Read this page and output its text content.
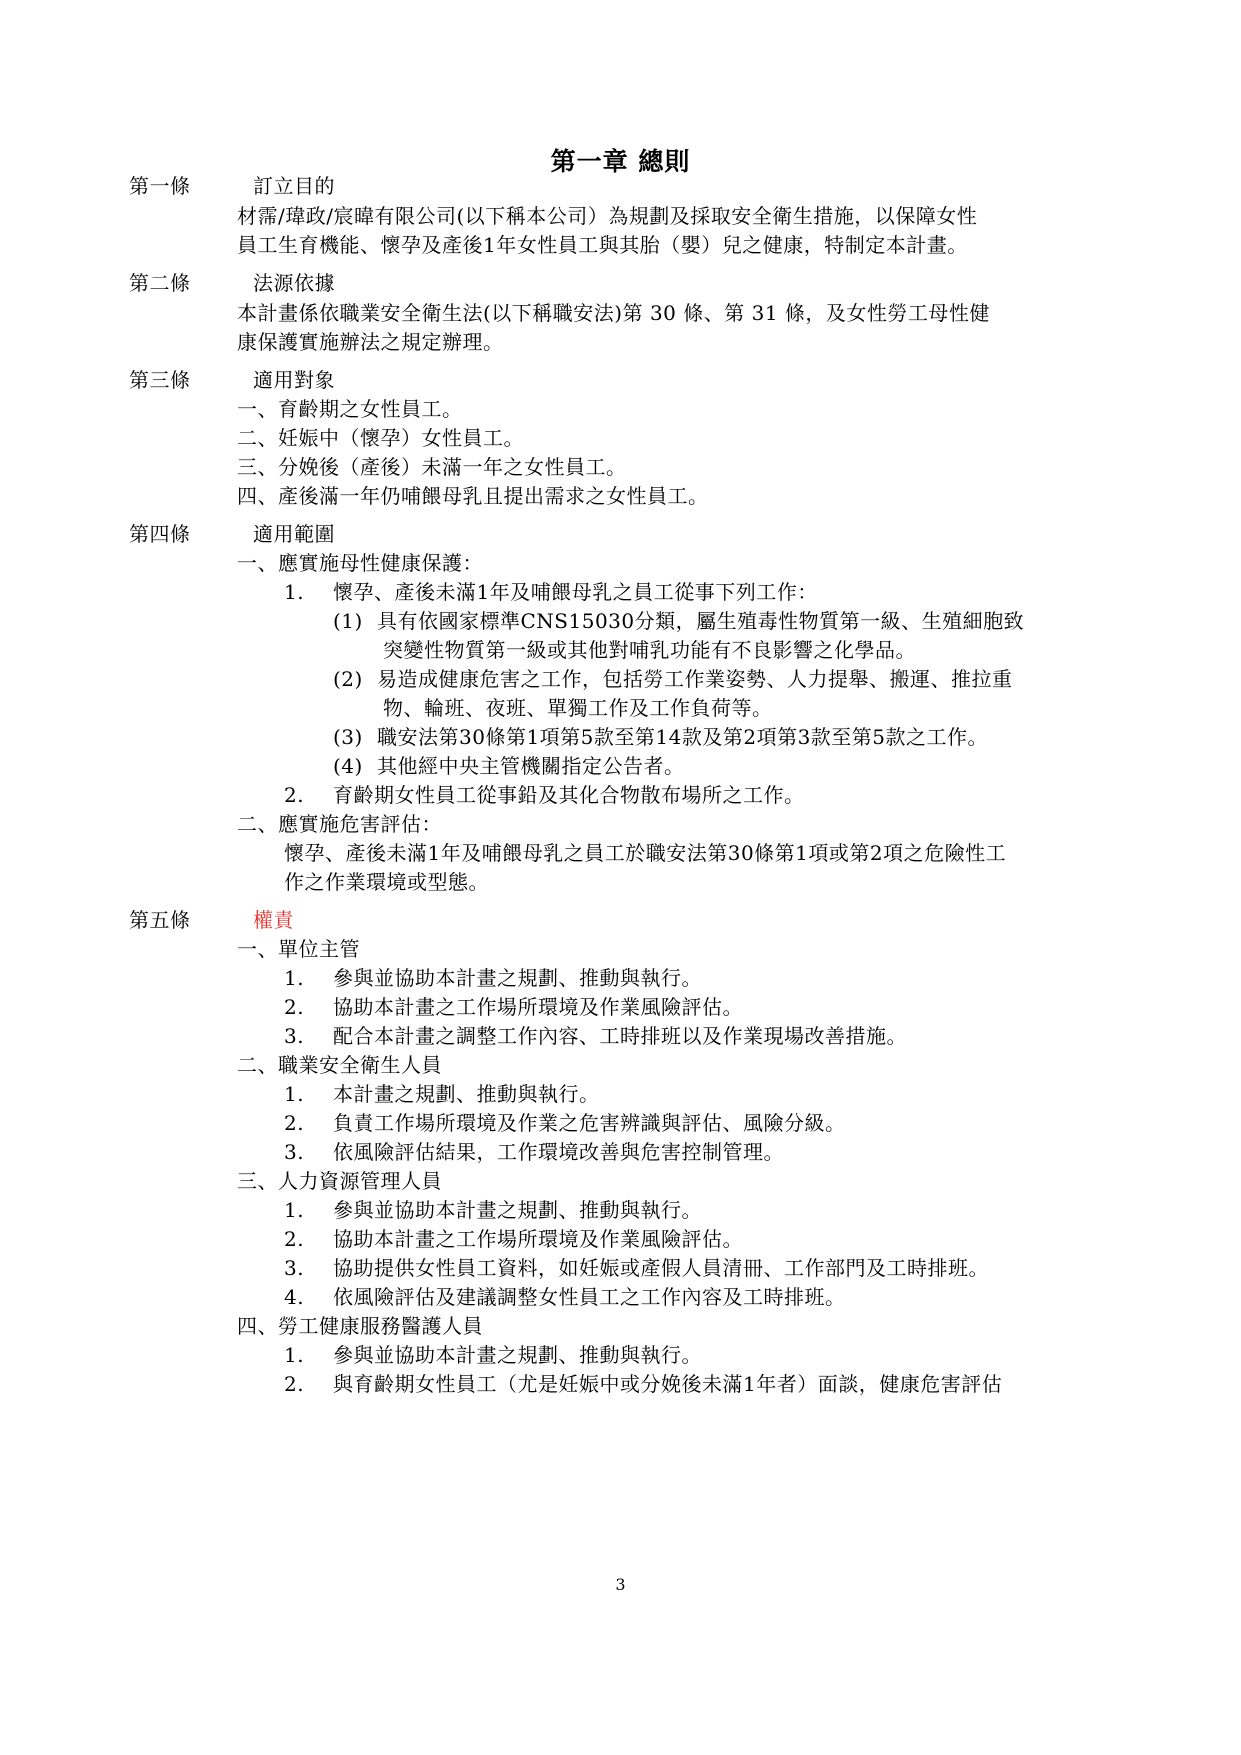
第一章 總則
第一條	訂立目的
材霈/瑋政/宸暐有限公司(以下稱本公司）為規劃及採取安全衛生措施，以保障女性
員工生育機能、懷孕及產後1年女性員工與其胎（嬰）兒之健康，特制定本計畫。
第二條	法源依據
本計畫係依職業安全衛生法(以下稱職安法)第 30 條、第 31 條，及女性勞工母性健
康保護實施辦法之規定辦理。
第三條	適用對象
一、育齡期之女性員工。
二、妊娠中（懷孕）女性員工。
三、分娩後（產後）未滿一年之女性員工。
四、產後滿一年仍哺餵母乳且提出需求之女性員工。
第四條	適用範圍
一、應實施母性健康保護：
1. 懷孕、產後未滿1年及哺餵母乳之員工從事下列工作：
(1) 具有依國家標準CNS15030分類，屬生殖毒性物質第一級、生殖細胞致
突變性物質第一級或其他對哺乳功能有不良影響之化學品。
(2) 易造成健康危害之工作，包括勞工作業姿勢、人力提舉、搬運、推拉重
物、輪班、夜班、單獨工作及工作負荷等。
(3) 職安法第30條第1項第5款至第14款及第2項第3款至第5款之工作。
(4) 其他經中央主管機關指定公告者。
2. 育齡期女性員工從事鉛及其化合物散布場所之工作。
二、應實施危害評估：
懷孕、產後未滿1年及哺餵母乳之員工於職安法第30條第1項或第2項之危險性工
作之作業環境或型態。
第五條	權責
一、單位主管
1. 參與並協助本計畫之規劃、推動與執行。
2. 協助本計畫之工作場所環境及作業風險評估。
3. 配合本計畫之調整工作內容、工時排班以及作業現場改善措施。
二、職業安全衛生人員
1. 本計畫之規劃、推動與執行。
2. 負責工作場所環境及作業之危害辨識與評估、風險分級。
3. 依風險評估結果，工作環境改善與危害控制管理。
三、人力資源管理人員
1. 參與並協助本計畫之規劃、推動與執行。
2. 協助本計畫之工作場所環境及作業風險評估。
3. 協助提供女性員工資料，如妊娠或產假人員清冊、工作部門及工時排班。
4. 依風險評估及建議調整女性員工之工作內容及工時排班。
四、勞工健康服務醫護人員
1. 參與並協助本計畫之規劃、推動與執行。
2. 與育齡期女性員工（尤是妊娠中或分娩後未滿1年者）面談，健康危害評估
3
